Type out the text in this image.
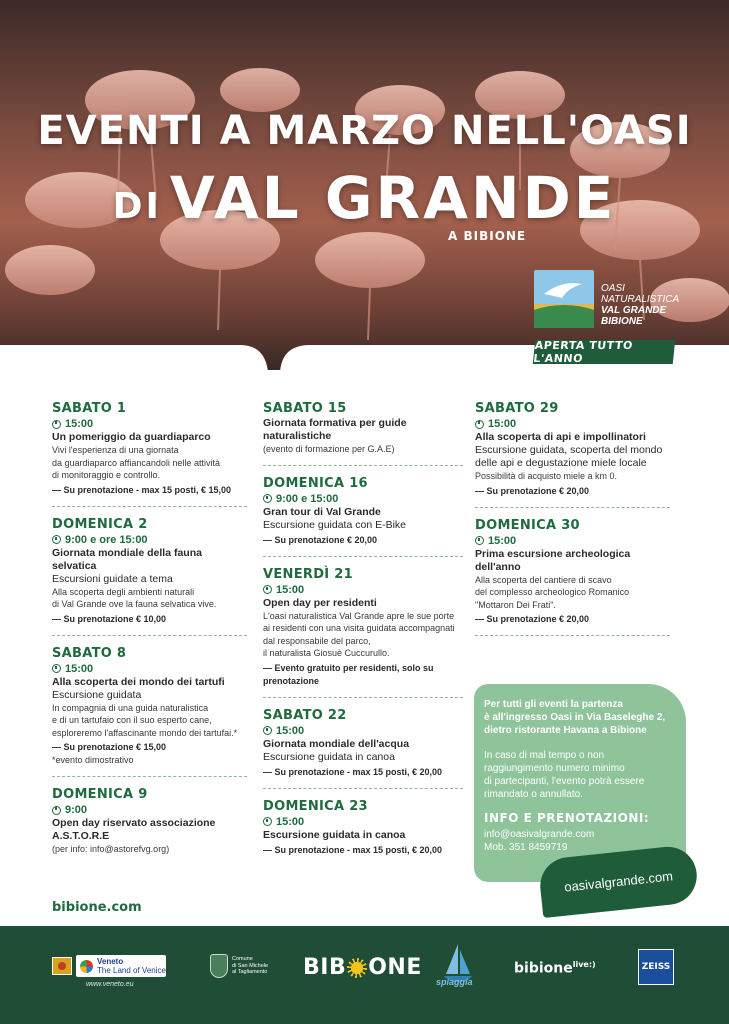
EVENTI A MARZO NELL'OASI
DI VAL GRANDE
A BIBIONE
OASI
NATURALISTICA
VAL GRANDE
BIBIONE
APERTA TUTTO L'ANNO
SABATO 1
15:00
Un pomeriggio da guardiaparco
Vivi l'esperienza di una giornata
da guardiaparco affiancandoli nelle attività
di monitoraggio e controllo.
— Su prenotazione - max 15 posti, € 15,00
DOMENICA 2
9:00 e ore 15:00
Giornata mondiale della fauna selvatica
Escursioni guidate a tema
Alla scoperta degli ambienti naturali
di Val Grande ove la fauna selvatica vive.
— Su prenotazione € 10,00
SABATO 8
15:00
Alla scoperta dei mondo dei tartufi
Escursione guidata
In compagnia di una guida naturalistica
e di un tartufaio con il suo esperto cane,
esploreremo l'affascinante mondo dei tartufai.*
— Su prenotazione € 15,00
*evento dimostrativo
DOMENICA 9
9:00
Open day riservato associazione A.S.T.O.R.E
(per info: info@astorefvg.org)
SABATO 15
Giornata formativa per guide naturalistiche
(evento di formazione per G.A.E)
DOMENICA 16
9:00 e 15:00
Gran tour di Val Grande
Escursione guidata con E-Bike
— Su prenotazione € 20,00
VENERDÌ 21
15:00
Open day per residenti
L'oasi naturalistica Val Grande apre le sue porte
ai residenti con una visita guidata accompagnati
dal responsabile del parco,
il naturalista Giosuè Cuccurullo.
— Evento gratuito per residenti, solo su prenotazione
SABATO 22
15:00
Giornata mondiale dell'acqua
Escursione guidata in canoa
— Su prenotazione - max 15 posti, € 20,00
DOMENICA 23
15:00
Escursione guidata in canoa
— Su prenotazione - max 15 posti, € 20,00
SABATO 29
15:00
Alla scoperta di api e impollinatori
Escursione guidata, scoperta del mondo delle api e degustazione miele locale
Possibilità di acquisto miele a km 0.
— Su prenotazione € 20,00
DOMENICA 30
15:00
Prima escursione archeologica dell'anno
Alla scoperta del cantiere di scavo
del complesso archeologico Romanico
"Mottaron Dei Frati".
— Su prenotazione € 20,00
bibione.com

Per tutti gli eventi la partenza

è all'ingresso Oasi in Via Baseleghe 2,

dietro ristorante Havana a Bibione

In caso di mal tempo o non

raggiungimento numero minimo

di partecipanti, l'evento potrà essere

rimandato o annullato.

INFO E PRENOTAZIONI:

info@oasivalgrande.com

Mob. 351 8459719

oasivalgrande.com
Veneto
The Land of Venice
www.veneto.eu
Comune
di San Michele
al Tagliamento BIB ONE
spiaggia
bibione$^{live:)}$	ZEISS
